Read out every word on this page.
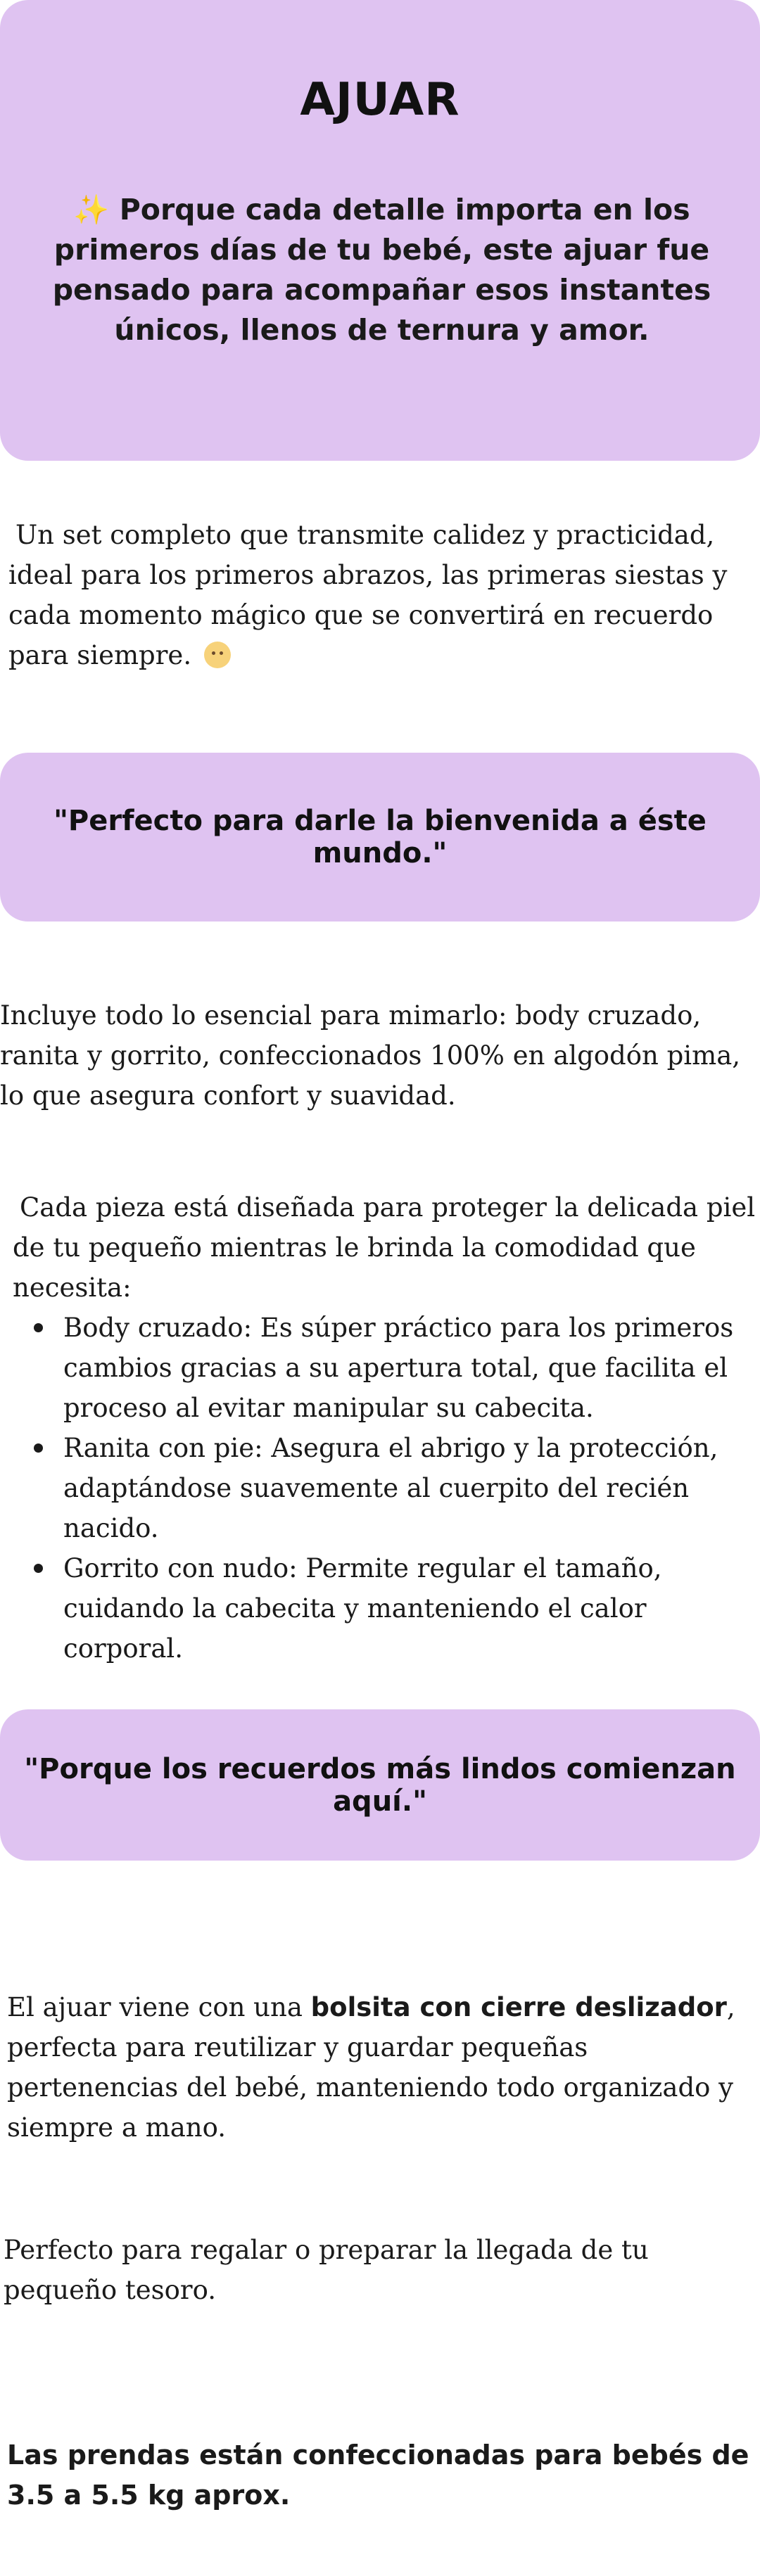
AJUAR
✨ Porque cada detalle importa en los primeros días de tu bebé, este ajuar fue pensado para acompañar esos instantes únicos, llenos de ternura y amor.
Un set completo que transmite calidez y practicidad, ideal para los primeros abrazos, las primeras siestas y cada momento mágico que se convertirá en recuerdo para siempre.
"Perfecto para darle la bienvenida a éste mundo."
Incluye todo lo esencial para mimarlo: body cruzado, ranita y gorrito, confeccionados 100% en algodón pima, lo que asegura confort y suavidad.
Cada pieza está diseñada para proteger la delicada piel de tu pequeño mientras le brinda la comodidad que necesita:
Body cruzado: Es súper práctico para los primeros cambios gracias a su apertura total, que facilita el proceso al evitar manipular su cabecita.
Ranita con pie: Asegura el abrigo y la protección, adaptándose suavemente al cuerpito del recién nacido.
Gorrito con nudo: Permite regular el tamaño, cuidando la cabecita y manteniendo el calor corporal.
"Porque los recuerdos más lindos comienzan aquí."
El ajuar viene con una bolsita con cierre deslizador, perfecta para reutilizar y guardar pequeñas pertenencias del bebé, manteniendo todo organizado y siempre a mano.
Perfecto para regalar o preparar la llegada de tu pequeño tesoro.
Las prendas están confeccionadas para bebés de 3.5 a 5.5 kg aprox.
